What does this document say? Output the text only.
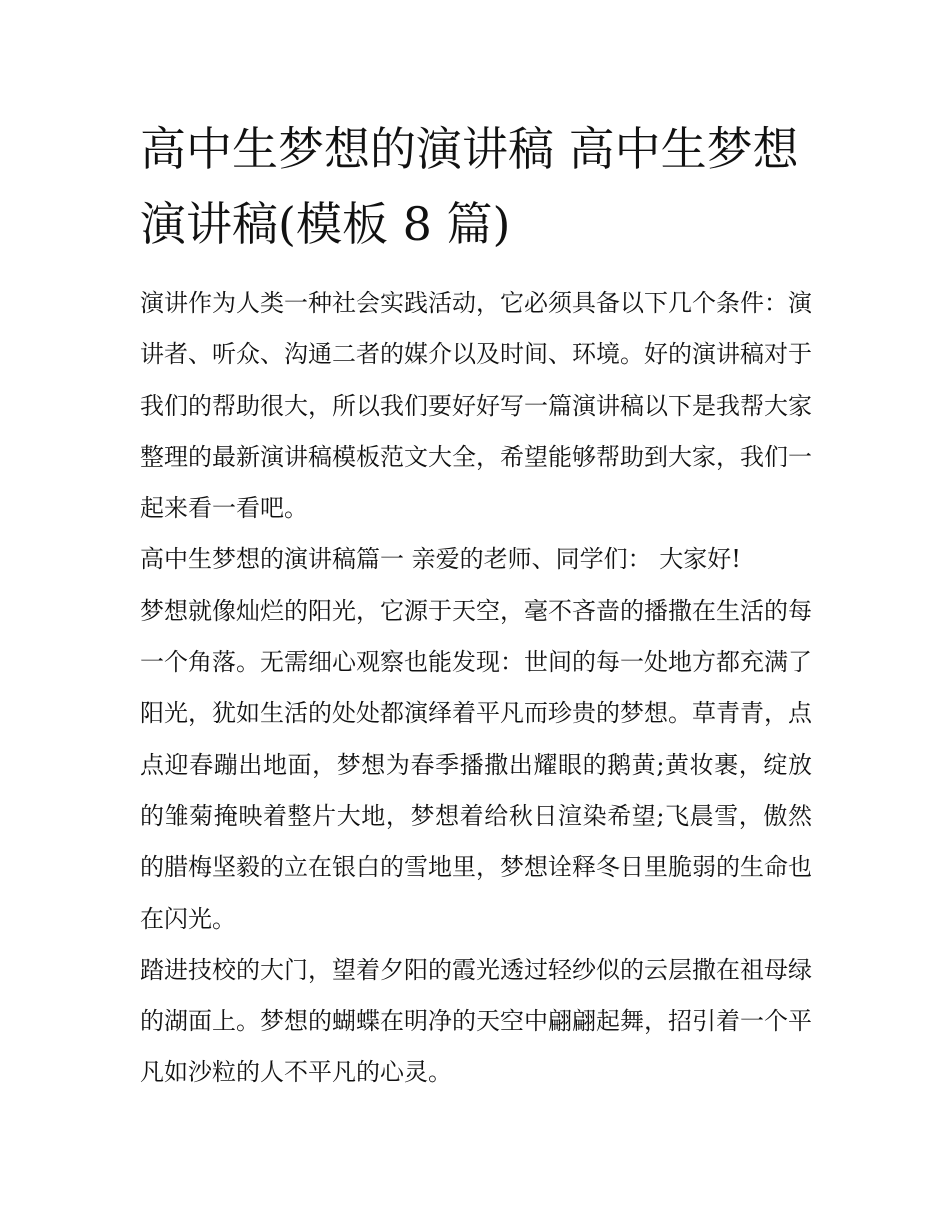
高中生梦想的演讲稿 高中生梦想演讲稿(模板 8 篇)

演讲作为人类一种社会实践活动，它必须具备以下几个条件：演讲者、听众、沟通二者的媒介以及时间、环境。好的演讲稿对于我们的帮助很大，所以我们要好好写一篇演讲稿以下是我帮大家整理的最新演讲稿模板范文大全，希望能够帮助到大家，我们一起来看一看吧。

高中生梦想的演讲稿篇一 亲爱的老师、同学们： 大家好!

梦想就像灿烂的阳光，它源于天空，毫不吝啬的播撒在生活的每一个角落。无需细心观察也能发现：世间的每一处地方都充满了阳光，犹如生活的处处都演绎着平凡而珍贵的梦想。草青青，点点迎春蹦出地面，梦想为春季播撒出耀眼的鹅黄;黄妆裹，绽放的雏菊掩映着整片大地，梦想着给秋日渲染希望;飞晨雪，傲然的腊梅坚毅的立在银白的雪地里，梦想诠释冬日里脆弱的生命也在闪光。

踏进技校的大门，望着夕阳的霞光透过轻纱似的云层撒在祖母绿的湖面上。梦想的蝴蝶在明净的天空中翩翩起舞，招引着一个平凡如沙粒的人不平凡的心灵。
